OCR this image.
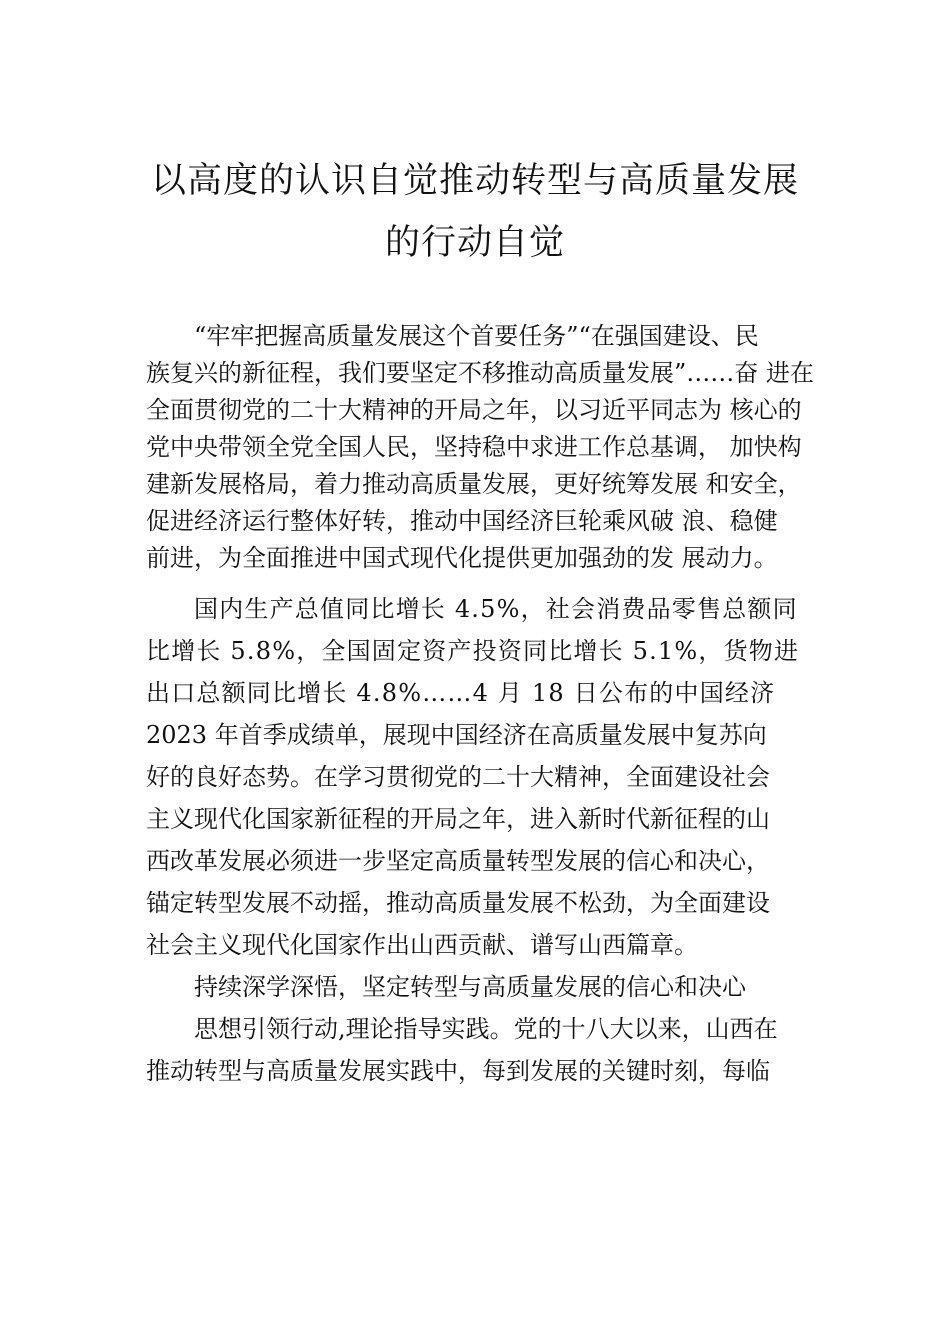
以高度的认识自觉推动转型与高质量发展
的行动自觉
“牢牢把握高质量发展这个首要任务”“在强国建设、民
族复兴的新征程，我们要坚定不移推动高质量发展”……奋 进在
全面贯彻党的二十大精神的开局之年，以习近平同志为 核心的
党中央带领全党全国人民，坚持稳中求进工作总基调， 加快构
建新发展格局，着力推动高质量发展，更好统筹发展 和安全，
促进经济运行整体好转，推动中国经济巨轮乘风破 浪、稳健
前进，为全面推进中国式现代化提供更加强劲的发 展动力。
国内生产总值同比增长 4.5%，社会消费品零售总额同
比增长 5.8%，全国固定资产投资同比增长 5.1%，货物进
出口总额同比增长 4.8%……4 月 18 日公布的中国经济
2023 年首季成绩单，展现中国经济在高质量发展中复苏向
好的良好态势。在学习贯彻党的二十大精神，全面建设社会
主义现代化国家新征程的开局之年，进入新时代新征程的山
西改革发展必须进一步坚定高质量转型发展的信心和决心，
锚定转型发展不动摇，推动高质量发展不松劲，为全面建设
社会主义现代化国家作出山西贡献、谱写山西篇章。
持续深学深悟，坚定转型与高质量发展的信心和决心
思想引领行动,理论指导实践。党的十八大以来，山西在
推动转型与高质量发展实践中，每到发展的关键时刻，每临
